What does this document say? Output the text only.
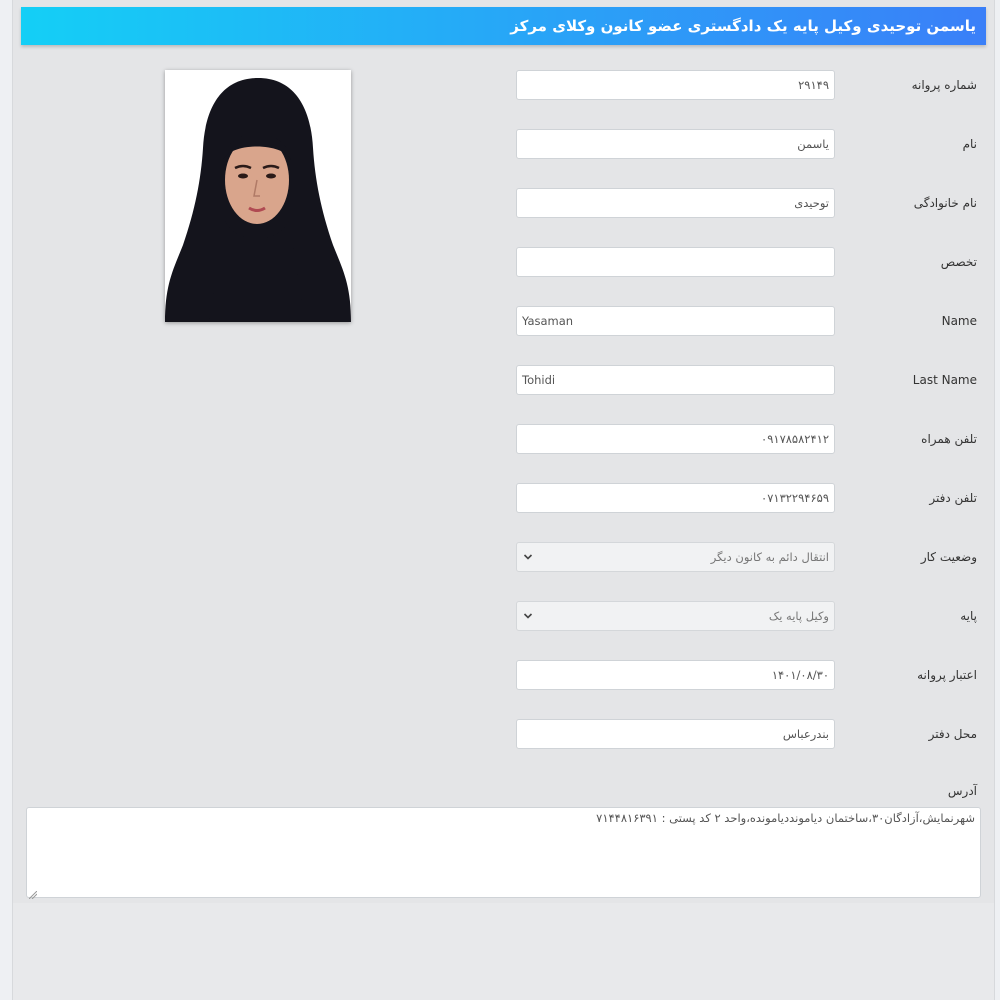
یاسمن توحیدی وکیل پایه یک دادگستری عضو کانون وکلای مرکز
شماره پروانه
۲۹۱۴۹
نام
یاسمن
نام خانوادگی
توحیدی
تخصص
Name
Yasaman
Last Name
Tohidi
تلفن همراه
۰۹۱۷۸۵۸۲۴۱۲
تلفن دفتر
۰۷۱۳۲۲۹۴۶۵۹
وضعیت کار
انتقال دائم به کانون دیگر
پایه
وکیل پایه یک
اعتبار پروانه
۱۴۰۱/۰۸/۳۰
محل دفتر
بندرعباس
آدرس
شهرنمایش،آزادگان۳۰،ساختمان دیامونددیامونده،واحد ۲ کد پستی : ۷۱۴۴۸۱۶۳۹۱
